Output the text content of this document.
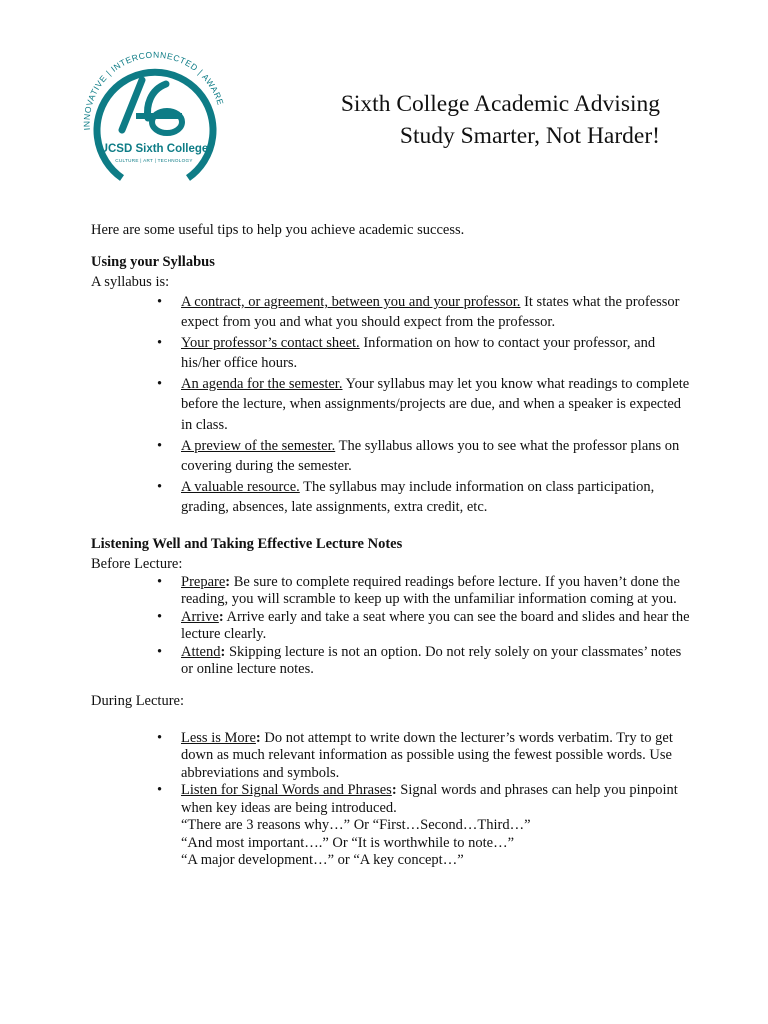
INNOVATIVE | INTERCONNECTED | AWARE
UCSD Sixth College
CULTURE | ART | TECHNOLOGY
Sixth College Academic Advising
Study Smarter, Not Harder!

Here are some useful tips to help you achieve academic success.

Using your Syllabus

A syllabus is:

• A contract, or agreement, between you and your professor. It states what the professor expect from you and what you should expect from the professor.
• Your professor’s contact sheet. Information on how to contact your professor, and his/her office hours.
• An agenda for the semester. Your syllabus may let you know what readings to complete before the lecture, when assignments/projects are due, and when a speaker is expected in class.
• A preview of the semester. The syllabus allows you to see what the professor plans on covering during the semester.
• A valuable resource. The syllabus may include information on class participation, grading, absences, late assignments, extra credit, etc.

Listening Well and Taking Effective Lecture Notes

Before Lecture:

• Prepare: Be sure to complete required readings before lecture. If you haven’t done the reading, you will scramble to keep up with the unfamiliar information coming at you.
• Arrive: Arrive early and take a seat where you can see the board and slides and hear the lecture clearly.
• Attend: Skipping lecture is not an option. Do not rely solely on your classmates’ notes or online lecture notes.

During Lecture:

• Less is More: Do not attempt to write down the lecturer’s words verbatim. Try to get down as much relevant information as possible using the fewest possible words. Use abbreviations and symbols.
• Listen for Signal Words and Phrases: Signal words and phrases can help you pinpoint when key ideas are being introduced.
“There are 3 reasons why…” Or “First…Second…Third…”
“And most important….” Or “It is worthwhile to note…”
“A major development…” or “A key concept…”
